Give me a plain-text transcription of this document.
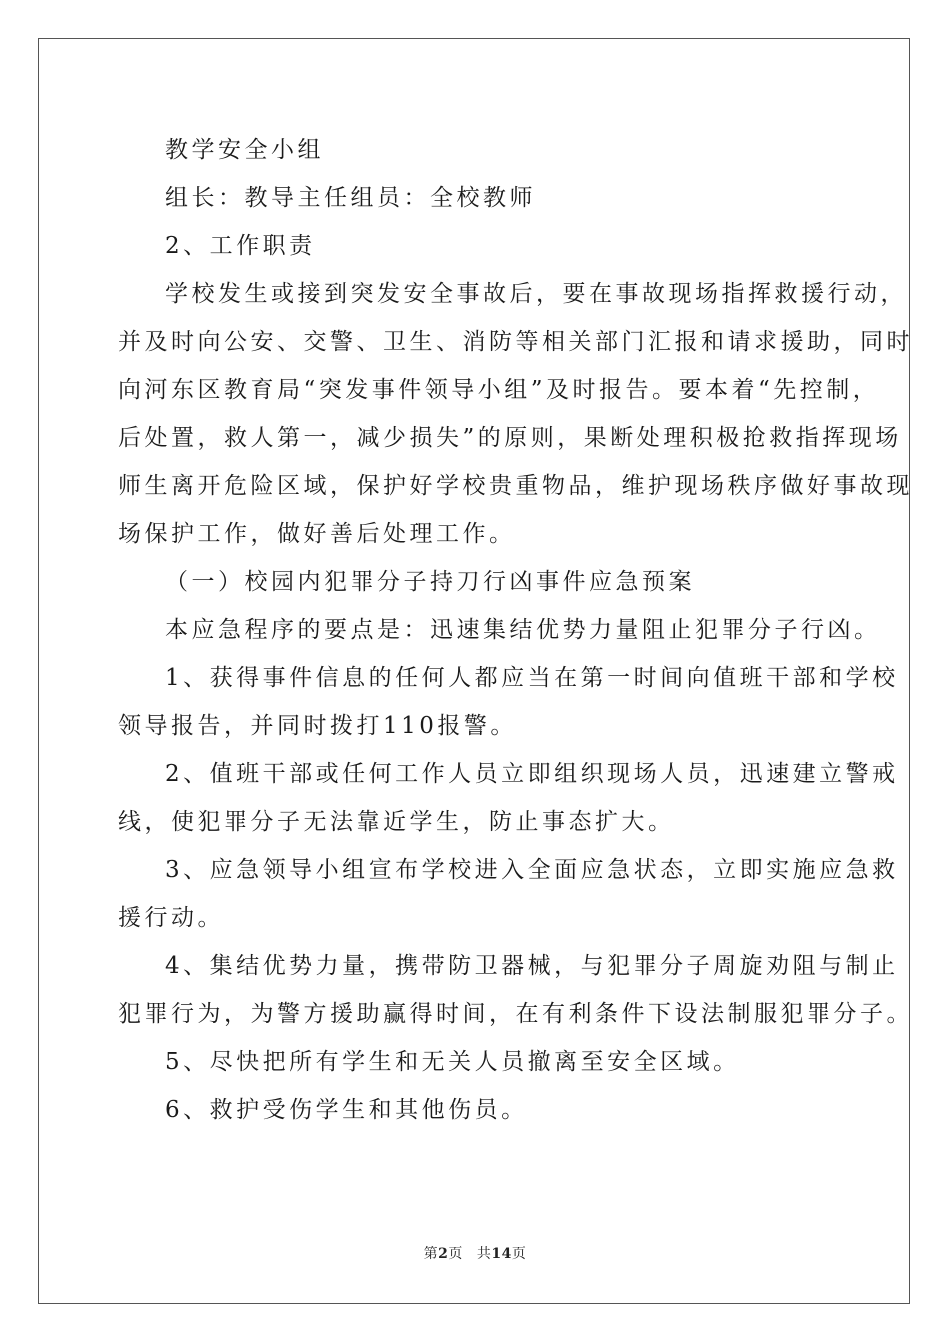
教学安全小组
组长：教导主任组员：全校教师
2、工作职责
学校发生或接到突发安全事故后，要在事故现场指挥救援行动，
并及时向公安、交警、卫生、消防等相关部门汇报和请求援助，同时
向河东区教育局“突发事件领导小组”及时报告。要本着“先控制，
后处置，救人第一，减少损失”的原则，果断处理积极抢救指挥现场
师生离开危险区域，保护好学校贵重物品，维护现场秩序做好事故现
场保护工作，做好善后处理工作。
（一）校园内犯罪分子持刀行凶事件应急预案
本应急程序的要点是：迅速集结优势力量阻止犯罪分子行凶。
1、获得事件信息的任何人都应当在第一时间向值班干部和学校
领导报告，并同时拨打110报警。
2、值班干部或任何工作人员立即组织现场人员，迅速建立警戒
线，使犯罪分子无法靠近学生，防止事态扩大。
3、应急领导小组宣布学校进入全面应急状态，立即实施应急救
援行动。
4、集结优势力量，携带防卫器械，与犯罪分子周旋劝阻与制止
犯罪行为，为警方援助赢得时间，在有利条件下设法制服犯罪分子。
5、尽快把所有学生和无关人员撤离至安全区域。
6、救护受伤学生和其他伤员。
第2页 共14页
